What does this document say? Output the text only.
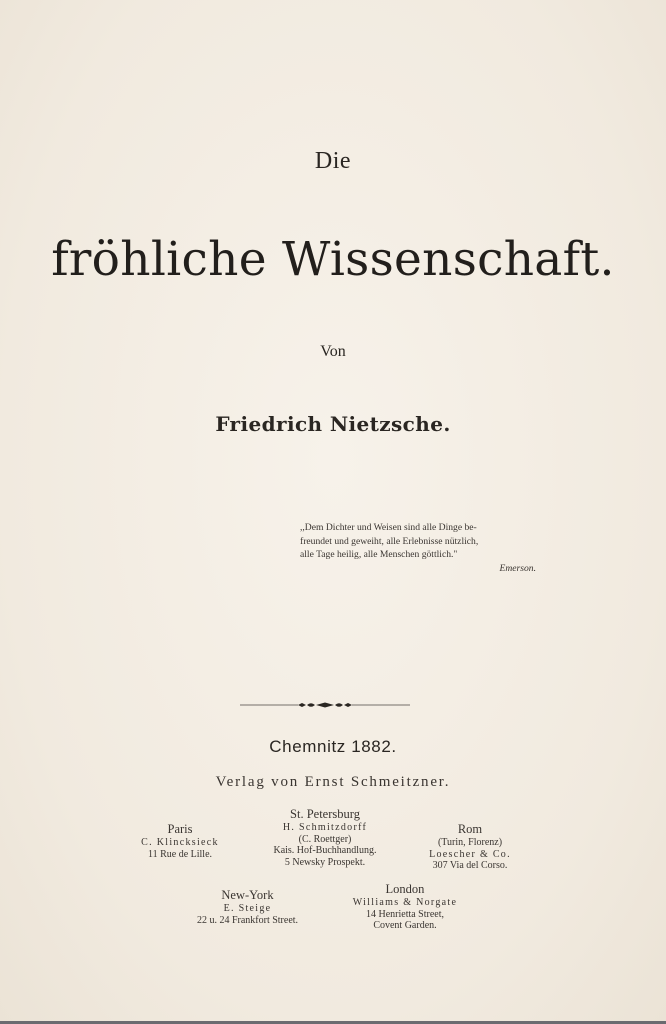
Die
fröhliche Wissenschaft.
Von
Friedrich Nietzsche.
,,Dem Dichter und Weisen sind alle Dinge be-
freundet und geweiht, alle Erlebnisse nützlich,
alle Tage heilig, alle Menschen göttlich."
Emerson.
Chemnitz 1882.
Verlag von Ernst Schmeitzner.
St. Petersburg
H. Schmitzdorff
(C. Roettger)
Kais. Hof-Buchhandlung.
5 Newsky Prospekt.
Paris
C. Klincksieck
11 Rue de Lille.
Rom
(Turin, Florenz)
Loescher & Co.
307 Via del Corso.
New-York
E. Steige
22 u. 24 Frankfort Street.
London
Williams & Norgate
14 Henrietta Street,
Covent Garden.
